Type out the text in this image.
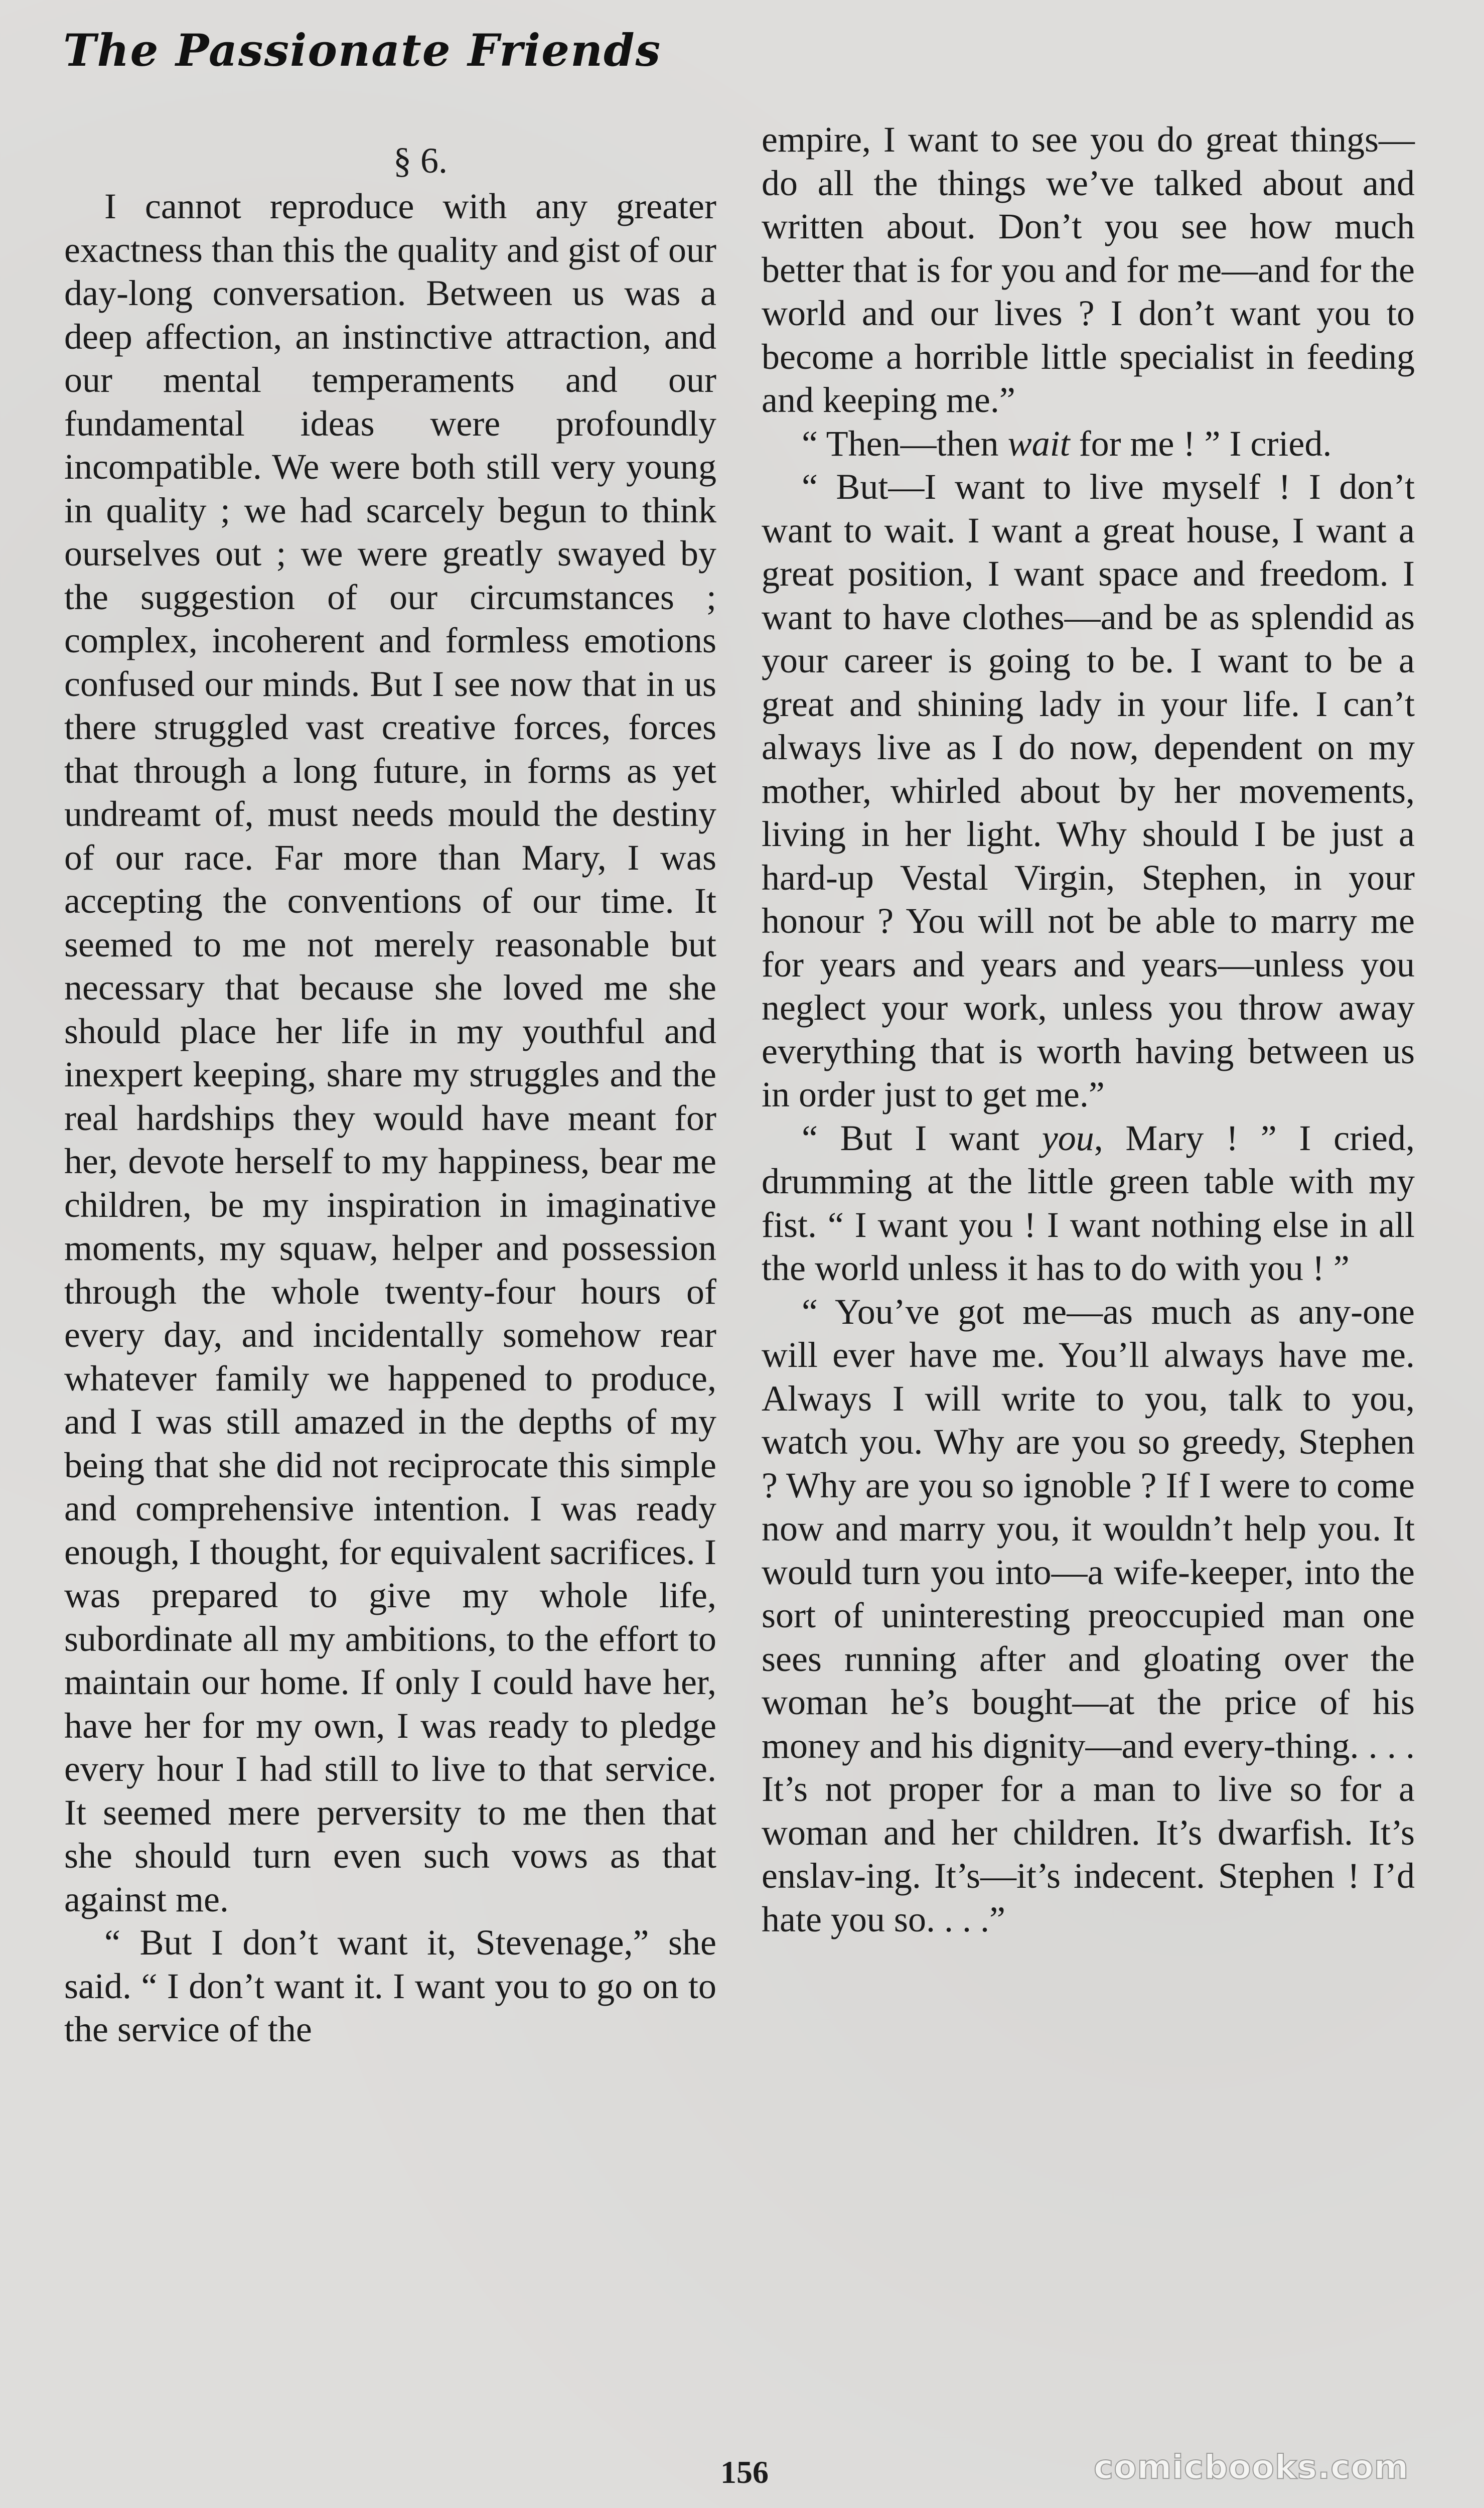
The Passionate Friends
§ 6.

I cannot reproduce with any greater exactness than this the quality and gist of our day-long conversation. Between us was a deep affection, an instinctive attraction, and our mental temperaments and our fundamental ideas were profoundly incompatible. We were both still very young in quality ; we had scarcely begun to think ourselves out ; we were greatly swayed by the suggestion of our circumstances ; complex, incoherent and formless emotions confused our minds. But I see now that in us there struggled vast creative forces, forces that through a long future, in forms as yet undreamt of, must needs mould the destiny of our race. Far more than Mary, I was accepting the conventions of our time. It seemed to me not merely reasonable but necessary that because she loved me she should place her life in my youthful and inexpert keeping, share my struggles and the real hardships they would have meant for her, devote herself to my happiness, bear me children, be my inspiration in imaginative moments, my squaw, helper and possession through the whole twenty-four hours of every day, and incidentally somehow rear whatever family we happened to produce, and I was still amazed in the depths of my being that she did not reciprocate this simple and comprehensive intention. I was ready enough, I thought, for equivalent sacrifices. I was prepared to give my whole life, subordinate all my ambitions, to the effort to maintain our home. If only I could have her, have her for my own, I was ready to pledge every hour I had still to live to that service. It seemed mere perversity to me then that she should turn even such vows as that against me.

“ But I don’t want it, Stevenage,” she said. “ I don’t want it. I want you to go on to the service of the

empire, I want to see you do great things—do all the things we’ve talked about and written about. Don’t you see how much better that is for you and for me—and for the world and our lives ? I don’t want you to become a horrible little specialist in feeding and keeping me.”

“ Then—then wait for me ! ” I cried.

“ But—I want to live myself ! I don’t want to wait. I want a great house, I want a great position, I want space and freedom. I want to have clothes—and be as splendid as your career is going to be. I want to be a great and shining lady in your life. I can’t always live as I do now, dependent on my mother, whirled about by her movements, living in her light. Why should I be just a hard-up Vestal Virgin, Stephen, in your honour ? You will not be able to marry me for years and years and years—unless you neglect your work, unless you throw away everything that is worth having between us in order just to get me.”

“ But I want you, Mary ! ” I cried, drumming at the little green table with my fist. “ I want you ! I want nothing else in all the world unless it has to do with you ! ”

“ You’ve got me—as much as any-one will ever have me. You’ll always have me. Always I will write to you, talk to you, watch you. Why are you so greedy, Stephen ? Why are you so ignoble ? If I were to come now and marry you, it wouldn’t help you. It would turn you into—a wife-keeper, into the sort of uninteresting preoccupied man one sees running after and gloating over the woman he’s bought—at the price of his money and his dignity—and every-thing. . . . It’s not proper for a man to live so for a woman and her children. It’s dwarfish. It’s enslav-ing. It’s—it’s indecent. Stephen ! I’d hate you so. . . .”

156	comicbooks.com
